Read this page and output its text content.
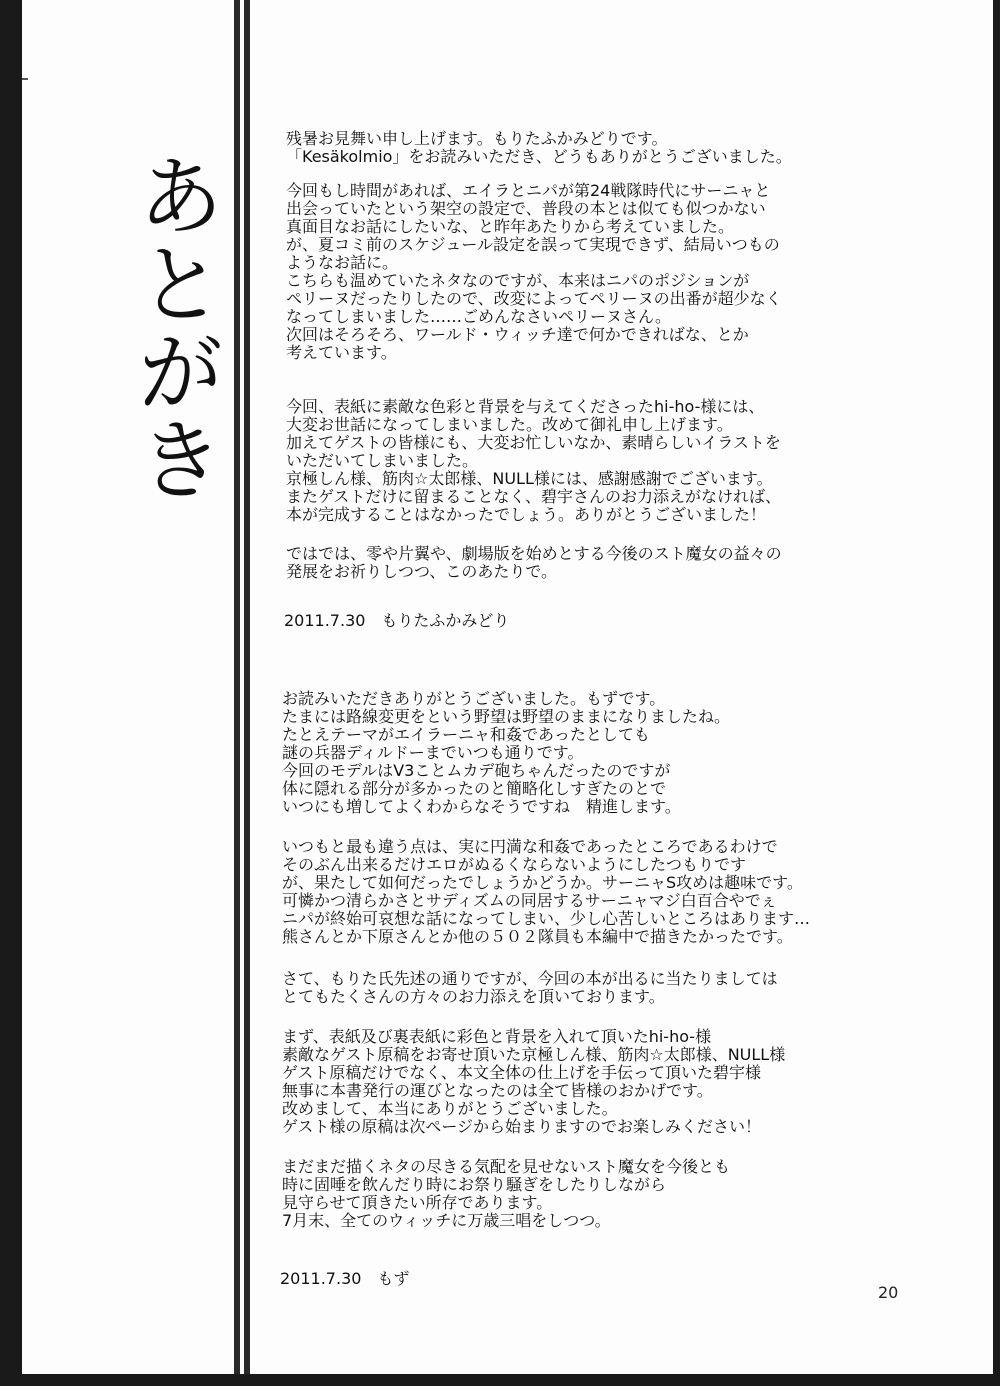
あとがき
残暑お見舞い申し上げます。もりたふかみどりです。
「Kesäkolmio」をお読みいただき、どうもありがとうございました。
今回もし時間があれば、エイラとニパが第24戦隊時代にサーニャと
出会っていたという架空の設定で、普段の本とは似ても似つかない
真面目なお話にしたいな、と昨年あたりから考えていました。
が、夏コミ前のスケジュール設定を誤って実現できず、結局いつもの
ようなお話に。
こちらも温めていたネタなのですが、本来はニパのポジションが
ペリーヌだったりしたので、改変によってペリーヌの出番が超少なく
なってしまいました……ごめんなさいペリーヌさん。
次回はそろそろ、ワールド・ウィッチ達で何かできればな、とか
考えています。
今回、表紙に素敵な色彩と背景を与えてくださったhi-ho-様には、
大変お世話になってしまいました。改めて御礼申し上げます。
加えてゲストの皆様にも、大変お忙しいなか、素晴らしいイラストを
いただいてしまいました。
京極しん様、筋肉☆太郎様、NULL様には、感謝感謝でございます。
またゲストだけに留まることなく、碧宇さんのお力添えがなければ、
本が完成することはなかったでしょう。ありがとうございました！
ではでは、零や片翼や、劇場版を始めとする今後のスト魔女の益々の
発展をお祈りしつつ、このあたりで。
2011.7.30　もりたふかみどり
お読みいただきありがとうございました。もずです。
たまには路線変更をという野望は野望のままになりましたね。
たとえテーマがエイラーニャ和姦であったとしても
謎の兵器ディルドーまでいつも通りです。
今回のモデルはV3ことムカデ砲ちゃんだったのですが
体に隠れる部分が多かったのと簡略化しすぎたのとで
いつにも増してよくわからなそうですね　精進します。
いつもと最も違う点は、実に円満な和姦であったところであるわけで
そのぶん出来るだけエロがぬるくならないようにしたつもりです
が、果たして如何だったでしょうかどうか。サーニャS攻めは趣味です。
可憐かつ清らかさとサディズムの同居するサーニャマジ白百合やでぇ
ニパが終始可哀想な話になってしまい、少し心苦しいところはあります…
熊さんとか下原さんとか他の５０２隊員も本編中で描きたかったです。
さて、もりた氏先述の通りですが、今回の本が出るに当たりましては
とてもたくさんの方々のお力添えを頂いております。
まず、表紙及び裏表紙に彩色と背景を入れて頂いたhi-ho-様
素敵なゲスト原稿をお寄せ頂いた京極しん様、筋肉☆太郎様、NULL様
ゲスト原稿だけでなく、本文全体の仕上げを手伝って頂いた碧宇様
無事に本書発行の運びとなったのは全て皆様のおかげです。
改めまして、本当にありがとうございました。
ゲスト様の原稿は次ページから始まりますのでお楽しみください！
まだまだ描くネタの尽きる気配を見せないスト魔女を今後とも
時に固唾を飲んだり時にお祭り騒ぎをしたりしながら
見守らせて頂きたい所存であります。
7月末、全てのウィッチに万歳三唱をしつつ。
2011.7.30　もず
20
